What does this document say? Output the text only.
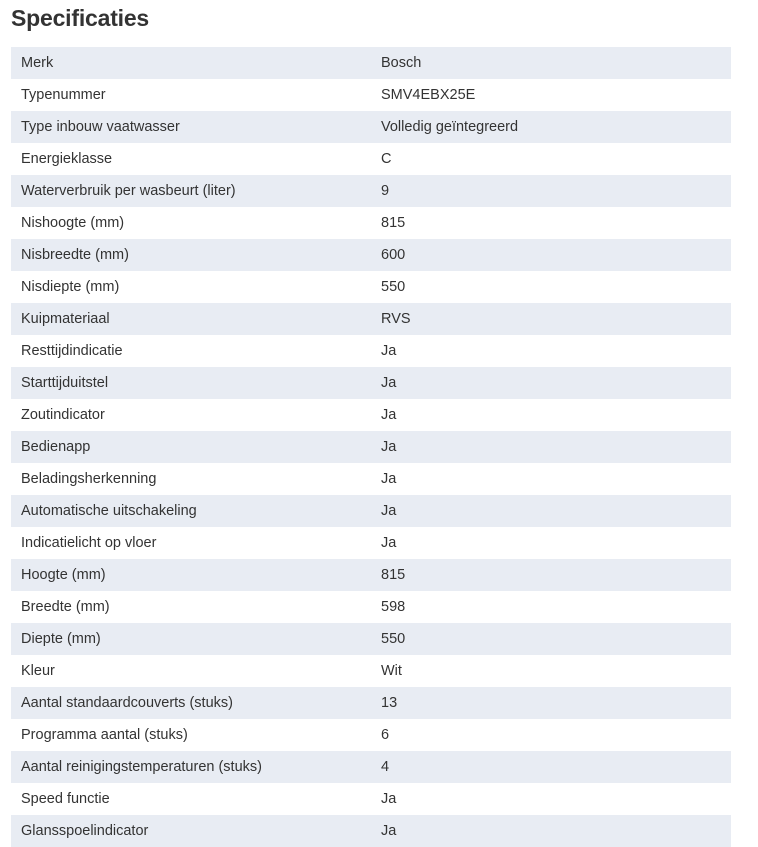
Specificaties
Merk	Bosch
Typenummer	SMV4EBX25E
Type inbouw vaatwasser	Volledig geïntegreerd
Energieklasse	C
Waterverbruik per wasbeurt (liter)	9
Nishoogte (mm)	815
Nisbreedte (mm)	600
Nisdiepte (mm)	550
Kuipmateriaal	RVS
Resttijdindicatie	Ja
Starttijduitstel	Ja
Zoutindicator	Ja
Bedienapp	Ja
Beladingsherkenning	Ja
Automatische uitschakeling	Ja
Indicatielicht op vloer	Ja
Hoogte (mm)	815
Breedte (mm)	598
Diepte (mm)	550
Kleur	Wit
Aantal standaardcouverts (stuks)	13
Programma aantal (stuks)	6
Aantal reinigingstemperaturen (stuks)	4
Speed functie	Ja
Glansspoelindicator	Ja
